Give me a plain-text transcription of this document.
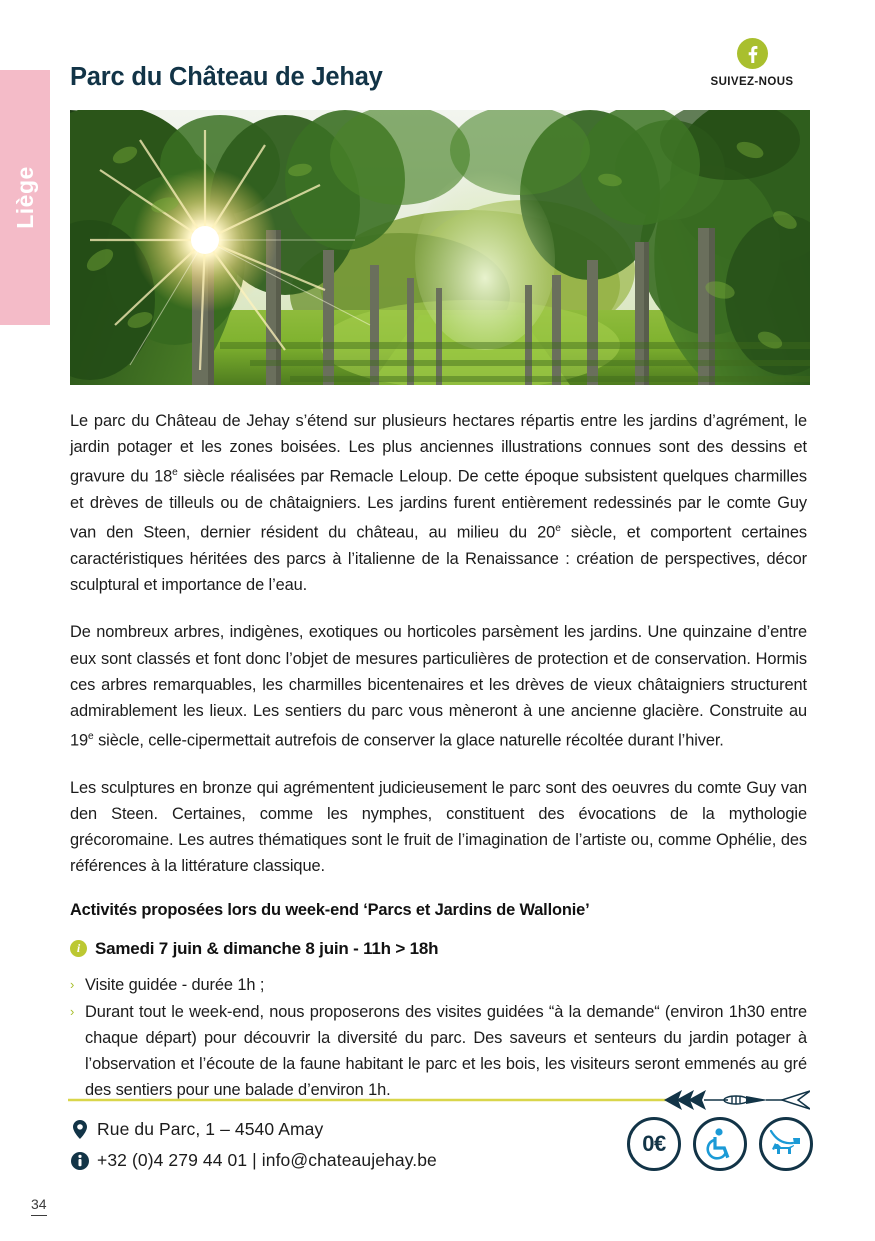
Liège
Parc du Château de Jehay	SUIVEZ-NOUS

Le parc du Château de Jehay s’étend sur plusieurs hectares répartis entre les jardins d’agrément, le jardin potager et les zones boisées. Les plus anciennes illustrations connues sont des dessins et gravure du 18e siècle réalisées par Remacle Leloup. De cette époque subsistent quelques charmilles et drèves de tilleuls ou de châtaigniers. Les jardins furent entièrement redessinés par le comte Guy van den Steen, dernier résident du château, au milieu du 20e siècle, et comportent certaines caractéristiques héritées des parcs à l’italienne de la Renaissance : création de perspectives, décor sculptural et importance de l’eau.

De nombreux arbres, indigènes, exotiques ou horticoles parsèment les jardins. Une quinzaine d’entre eux sont classés et font donc l’objet de mesures particulières de protection et de conservation. Hormis ces arbres remarquables, les charmilles bicentenaires et les drèves de vieux châtaigniers structurent admirablement les lieux. Les sentiers du parc vous mèneront à une ancienne glacière. Construite au 19e siècle, celle-cipermettait autrefois de conserver la glace naturelle récoltée durant l’hiver.

Les sculptures en bronze qui agrémentent judicieusement le parc sont des oeuvres du comte Guy van den Steen. Certaines, comme les nymphes, constituent des évocations de la mythologie grécoromaine. Les autres thématiques sont le fruit de l’imagination de l’artiste ou, comme Ophélie, des références à la littérature classique.

Activités proposées lors du week-end ‘Parcs et Jardins de Wallonie’
i Samedi 7 juin & dimanche 8 juin - 11h > 18h
› Visite guidée - durée 1h ;
› Durant tout le week-end, nous proposerons des visites guidées “à la demande“ (environ 1h30 entre chaque départ) pour découvrir la diversité du parc. Des saveurs et senteurs du jardin potager à l’observation et l’écoute de la faune habitant le parc et les bois, les visiteurs seront emmenés au gré des sentiers pour une balade d’environ 1h.
Rue du Parc, 1 – 4540 Amay
+32 (0)4 279 44 01 | info@chateaujehay.be
0€
34
